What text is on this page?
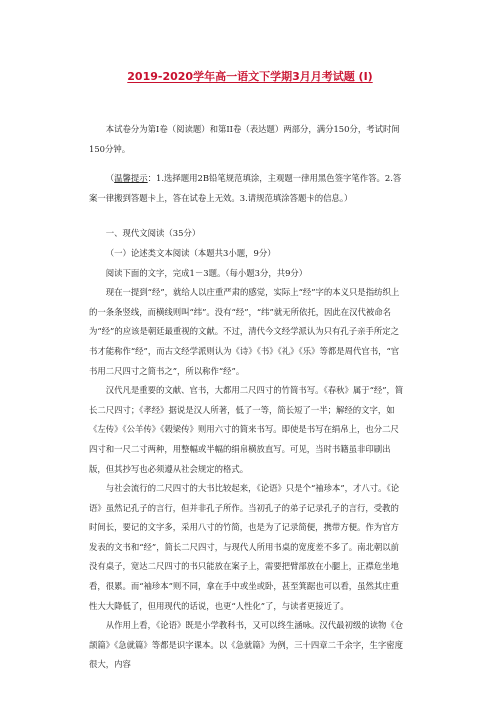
2019-2020学年高一语文下学期3月月考试题 (I)

本试卷分为第I卷（阅读题）和第II卷（表达题）两部分，满分150分，考试时间150分钟。

（温馨提示：1.选择题用2B铅笔规范填涂，主观题一律用黑色签字笔作答。2.答案一律搬到答题卡上，答在试卷上无效。3.请规范填涂答题卡的信息。）

一、现代文阅读（35分）

（一）论述类文本阅读（本题共3小题，9分）

阅读下面的文字，完成1－3题。（每小题3分，共9分）

现在一提到“经”，就给人以庄重严肃的感觉，实际上“经”字的本义只是指纺织上的一条条竖线，而横线则叫“纬”。没有“经”，“纬”就无所依托，因此在汉代被命名为“经”的应该是朝廷最重视的文献。不过，清代今文经学派认为只有孔子亲手所定之书才能称作“经”，而古文经学派则认为《诗》《书》《礼》《乐》等都是周代官书，“官书用二尺四寸之简书之”，所以称作“经”。

汉代凡是重要的文献、官书，大都用二尺四寸的竹简书写。《春秋》属于“经”，简长二尺四寸；《孝经》据说是汉人所著，低了一等，简长短了一半；解经的文字，如《左传》《公羊传》《榖梁传》则用六寸的简来书写。即使是书写在绢帛上，也分二尺四寸和一尺二寸两种，用整幅或半幅的绢帛横放直写。可见，当时书籍虽非印刷出版，但其抄写也必须遵从社会规定的格式。

与社会流行的二尺四寸的大书比较起来，《论语》只是个“袖珍本”，才八寸。《论语》虽然记孔子的言行，但并非孔子所作。当初孔子的弟子记录孔子的言行，受教的时间长，要记的文字多，采用八寸的竹简，也是为了记录简便，携带方便。作为官方发表的文书和“经”，简长二尺四寸，与现代人所用书桌的宽度差不多了。南北朝以前没有桌子，宽达二尺四寸的书只能放在案子上，需要把臂部放在小腿上，正襟危坐地看，很累。而“袖珍本”则不同，拿在手中或坐或卧，甚至箕踞也可以看，虽然其庄重性大大降低了，但用现代的话说，也更“人性化”了，与读者更接近了。

从作用上看，《论语》既是小学教科书，又可以终生涵咏。汉代最初级的读物《仓颉篇》《急就篇》等都是识字课本。以《急就篇》为例，三十四章二千余字，生字密度很大，内容
